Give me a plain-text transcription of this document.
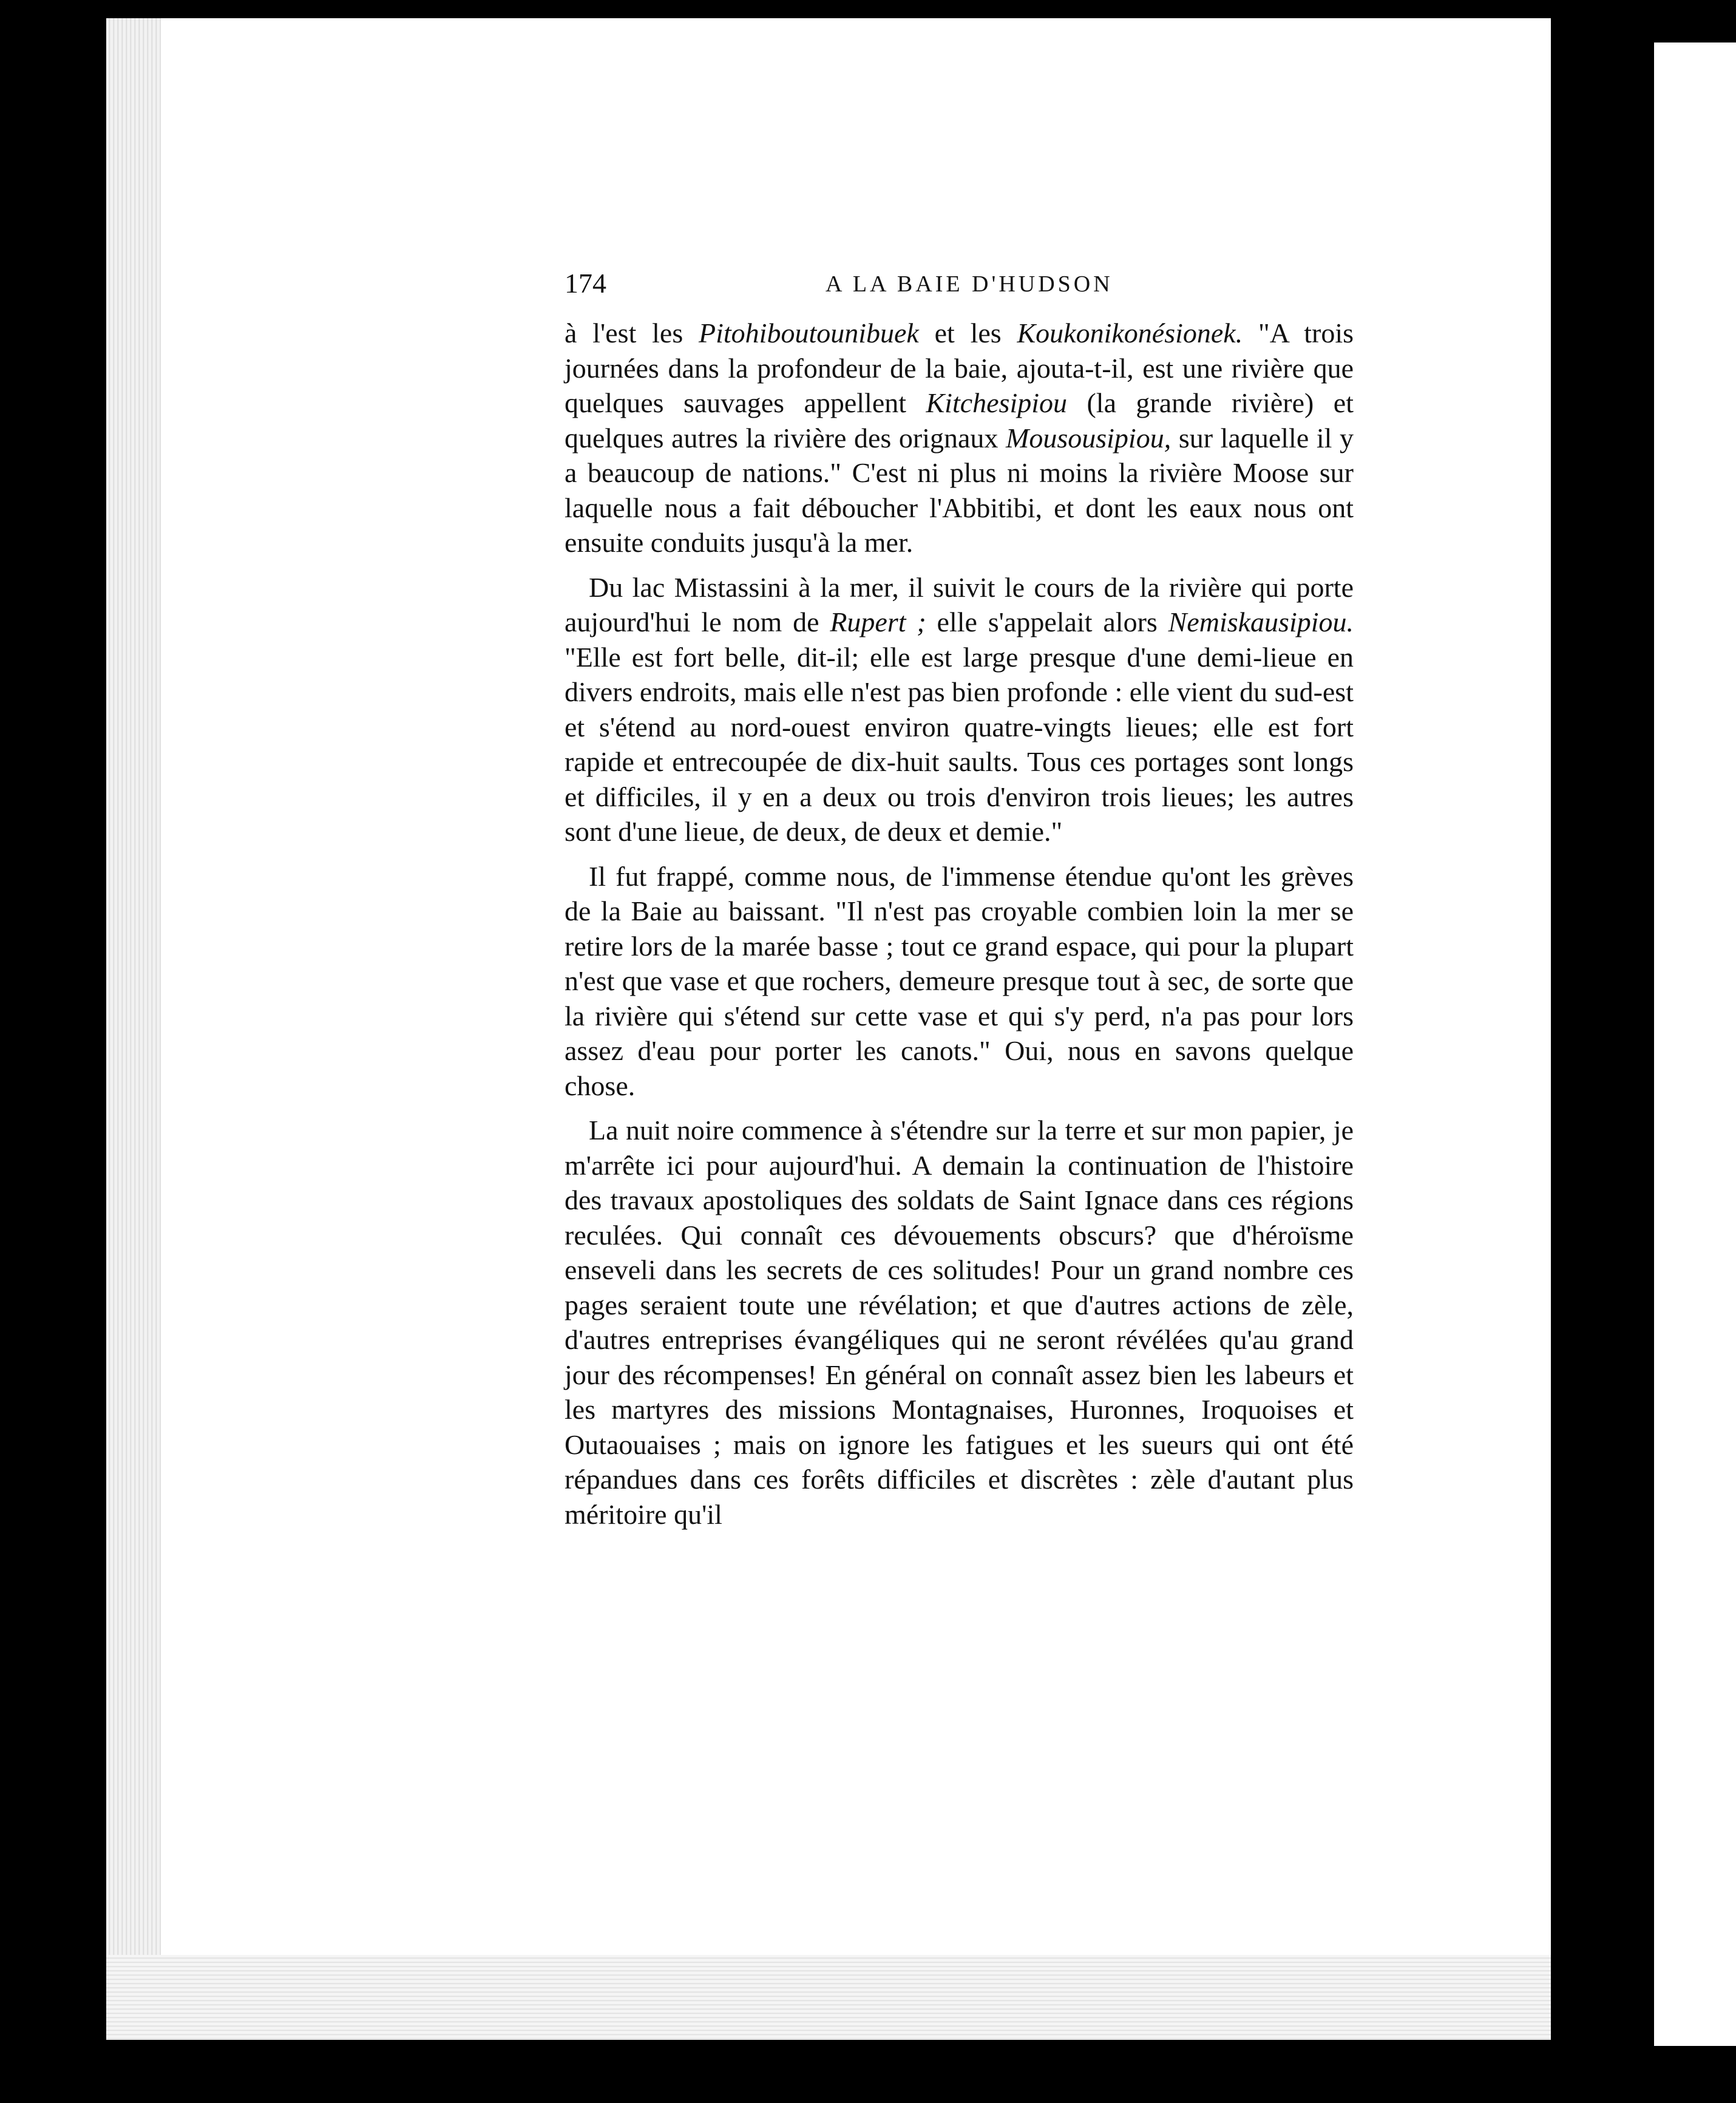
174	A LA BAIE D'HUDSON

à l'est les Pitohiboutounibuek et les Koukonikonésionek. "A trois journées dans la profondeur de la baie, ajouta-t-il, est une rivière que quelques sauvages appellent Kitchesipiou (la grande rivière) et quelques autres la rivière des orignaux Mousousipiou, sur laquelle il y a beaucoup de nations." C'est ni plus ni moins la rivière Moose sur laquelle nous a fait déboucher l'Abbitibi, et dont les eaux nous ont ensuite conduits jusqu'à la mer.

Du lac Mistassini à la mer, il suivit le cours de la rivière qui porte aujourd'hui le nom de Rupert ; elle s'appelait alors Nemiskausipiou. "Elle est fort belle, dit-il; elle est large presque d'une demi-lieue en divers endroits, mais elle n'est pas bien profonde : elle vient du sud-est et s'étend au nord-ouest environ quatre-vingts lieues; elle est fort rapide et entrecoupée de dix-huit saults. Tous ces portages sont longs et difficiles, il y en a deux ou trois d'environ trois lieues; les autres sont d'une lieue, de deux, de deux et demie."

Il fut frappé, comme nous, de l'immense étendue qu'ont les grèves de la Baie au baissant. "Il n'est pas croyable combien loin la mer se retire lors de la marée basse ; tout ce grand espace, qui pour la plupart n'est que vase et que rochers, demeure presque tout à sec, de sorte que la rivière qui s'étend sur cette vase et qui s'y perd, n'a pas pour lors assez d'eau pour porter les canots." Oui, nous en savons quelque chose.

La nuit noire commence à s'étendre sur la terre et sur mon papier, je m'arrête ici pour aujourd'hui. A demain la continuation de l'histoire des travaux apostoliques des soldats de Saint Ignace dans ces régions reculées. Qui connaît ces dévouements obscurs? que d'héroïsme enseveli dans les secrets de ces solitudes! Pour un grand nombre ces pages seraient toute une révélation; et que d'autres actions de zèle, d'autres entreprises évangéliques qui ne seront révélées qu'au grand jour des récompenses! En général on connaît assez bien les labeurs et les martyres des missions Montagnaises, Huronnes, Iroquoises et Outaouaises ; mais on ignore les fatigues et les sueurs qui ont été répandues dans ces forêts difficiles et discrètes : zèle d'autant plus méritoire qu'il
